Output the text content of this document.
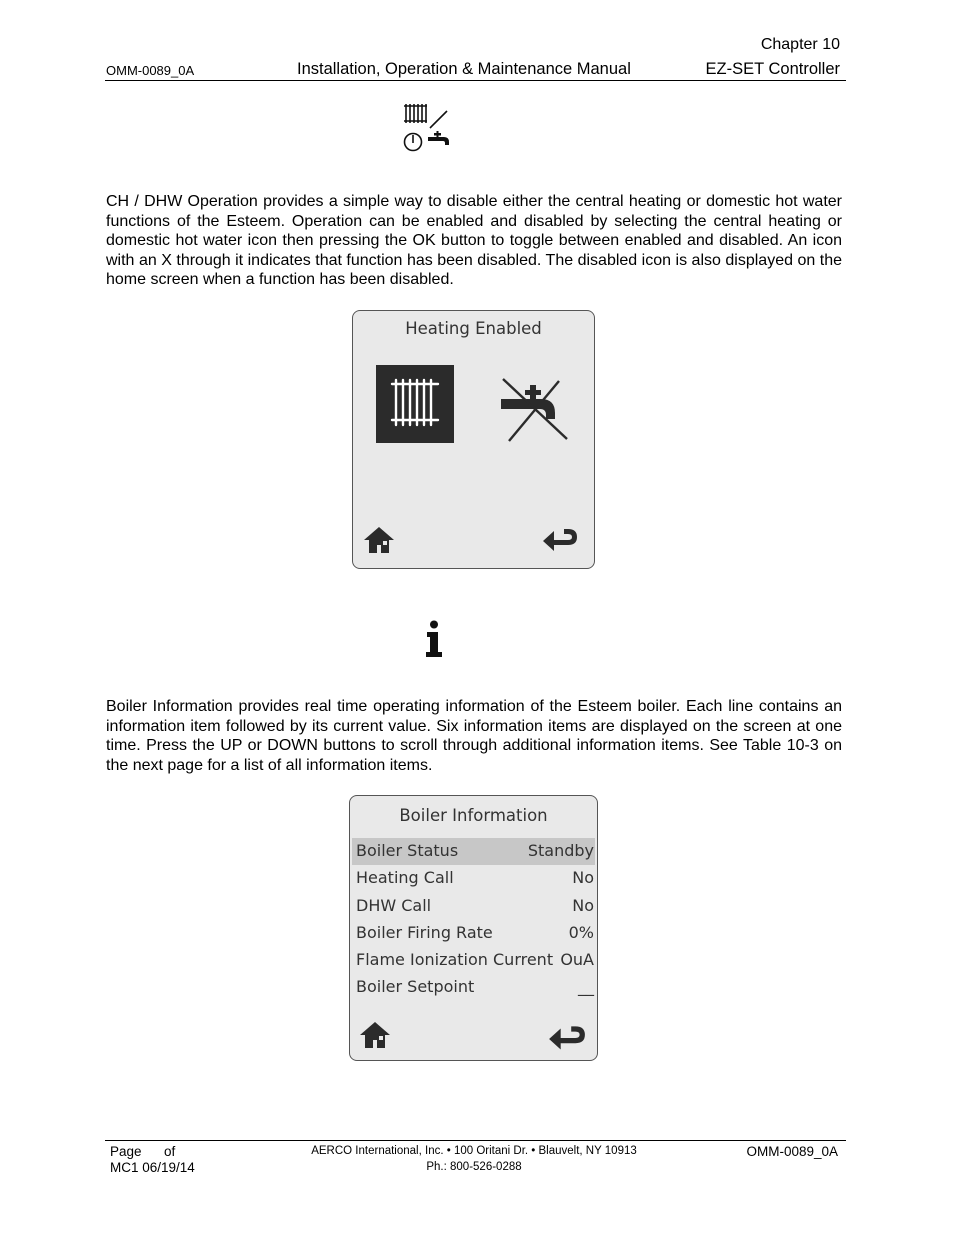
Chapter 10
OMM-0089_0A	Installation, Operation & Maintenance Manual	EZ-SET Controller

CH / DHW Operation provides a simple way to disable either the central heating or domestic hot water functions of the Esteem. Operation can be enabled and disabled by selecting the central heating or domestic hot water icon then pressing the OK button to toggle between enabled and disabled. An icon with an X through it indicates that function has been disabled. The disabled icon is also displayed on the home screen when a function has been disabled.

Heating Enabled

Boiler Information provides real time operating information of the Esteem boiler. Each line contains an information item followed by its current value. Six information items are displayed on the screen at one time. Press the UP or DOWN buttons to scroll through additional information items. See Table 10-3 on the next page for a list of all information items.

Boiler Information
Boiler Status	Standby
Heating Call	No
DHW Call	No
Boiler Firing Rate	0%
Flame Ionization Current OuA
Boiler Setpoint	__
Page      of
MC1 06/19/14
AERCO International, Inc. • 100 Oritani Dr. • Blauvelt, NY 10913
Ph.: 800-526-0288
OMM-0089_0A
